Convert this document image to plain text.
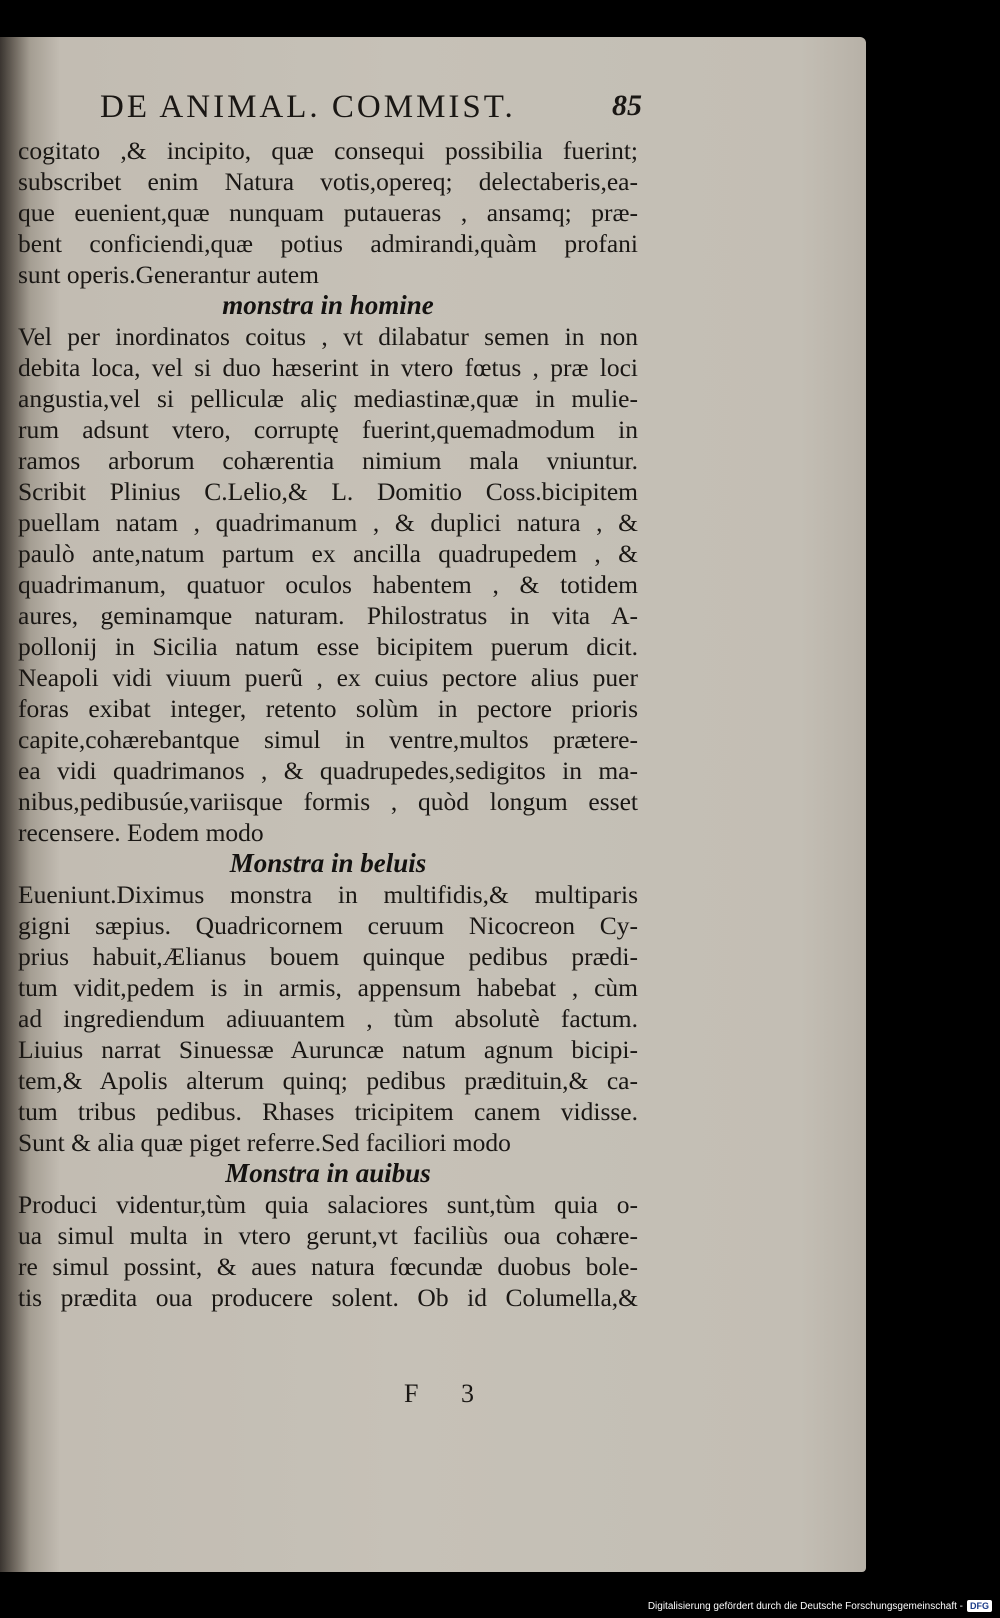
DE ANIMAL. COMMIST.	85
cogitato ,& incipito, quæ consequi possibilia fuerint;
subscribet enim Natura votis,opereq; delectaberis,ea-
que euenient,quæ nunquam putaueras , ansamq; præ-
bent conficiendi,quæ potius admirandi,quàm profani
sunt operis.Generantur autem
monstra in homine
Vel per inordinatos coitus , vt dilabatur semen in non
debita loca, vel si duo hæserint in vtero fœtus , præ loci
angustia,vel si pelliculæ aliç mediastinæ,quæ in mulie-
rum adsunt vtero, corruptę fuerint,quemadmodum in
ramos arborum cohærentia nimium mala vniuntur.
Scribit Plinius C.Lelio,& L. Domitio Coss.bicipitem
puellam natam , quadrimanum , & duplici natura , &
paulò ante,natum partum ex ancilla quadrupedem , &
quadrimanum, quatuor oculos habentem , & totidem
aures, geminamque naturam. Philostratus in vita A-
pollonij in Sicilia natum esse bicipitem puerum dicit.
Neapoli vidi viuum puerũ , ex cuius pectore alius puer
foras exibat integer, retento solùm in pectore prioris
capite,cohærebantque simul in ventre,multos prætere-
ea vidi quadrimanos , & quadrupedes,sedigitos in ma-
nibus,pedibusúe,variisque formis , quòd longum esset
recensere. Eodem modo
Monstra in beluis
Eueniunt.Diximus monstra in multifidis,& multiparis
gigni sæpius. Quadricornem ceruum Nicocreon Cy-
prius habuit,Ælianus bouem quinque pedibus prædi-
tum vidit,pedem is in armis, appensum habebat , cùm
ad ingrediendum adiuuantem , tùm absolutè factum.
Liuius narrat Sinuessæ Auruncæ natum agnum bicipi-
tem,& Apolis alterum quinq; pedibus prædituin,& ca-
tum tribus pedibus. Rhases tricipitem canem vidisse.
Sunt & alia quæ piget referre.Sed faciliori modo
Monstra in auibus
Produci videntur,tùm quia salaciores sunt,tùm quia o-
ua simul multa in vtero gerunt,vt faciliùs oua cohære-
re simul possint, & aues natura fœcundæ duobus bole-
tis prædita oua producere solent. Ob id Columella,&
F 3
Digitalisierung gefördert durch die Deutsche Forschungsgemeinschaft - DFG
